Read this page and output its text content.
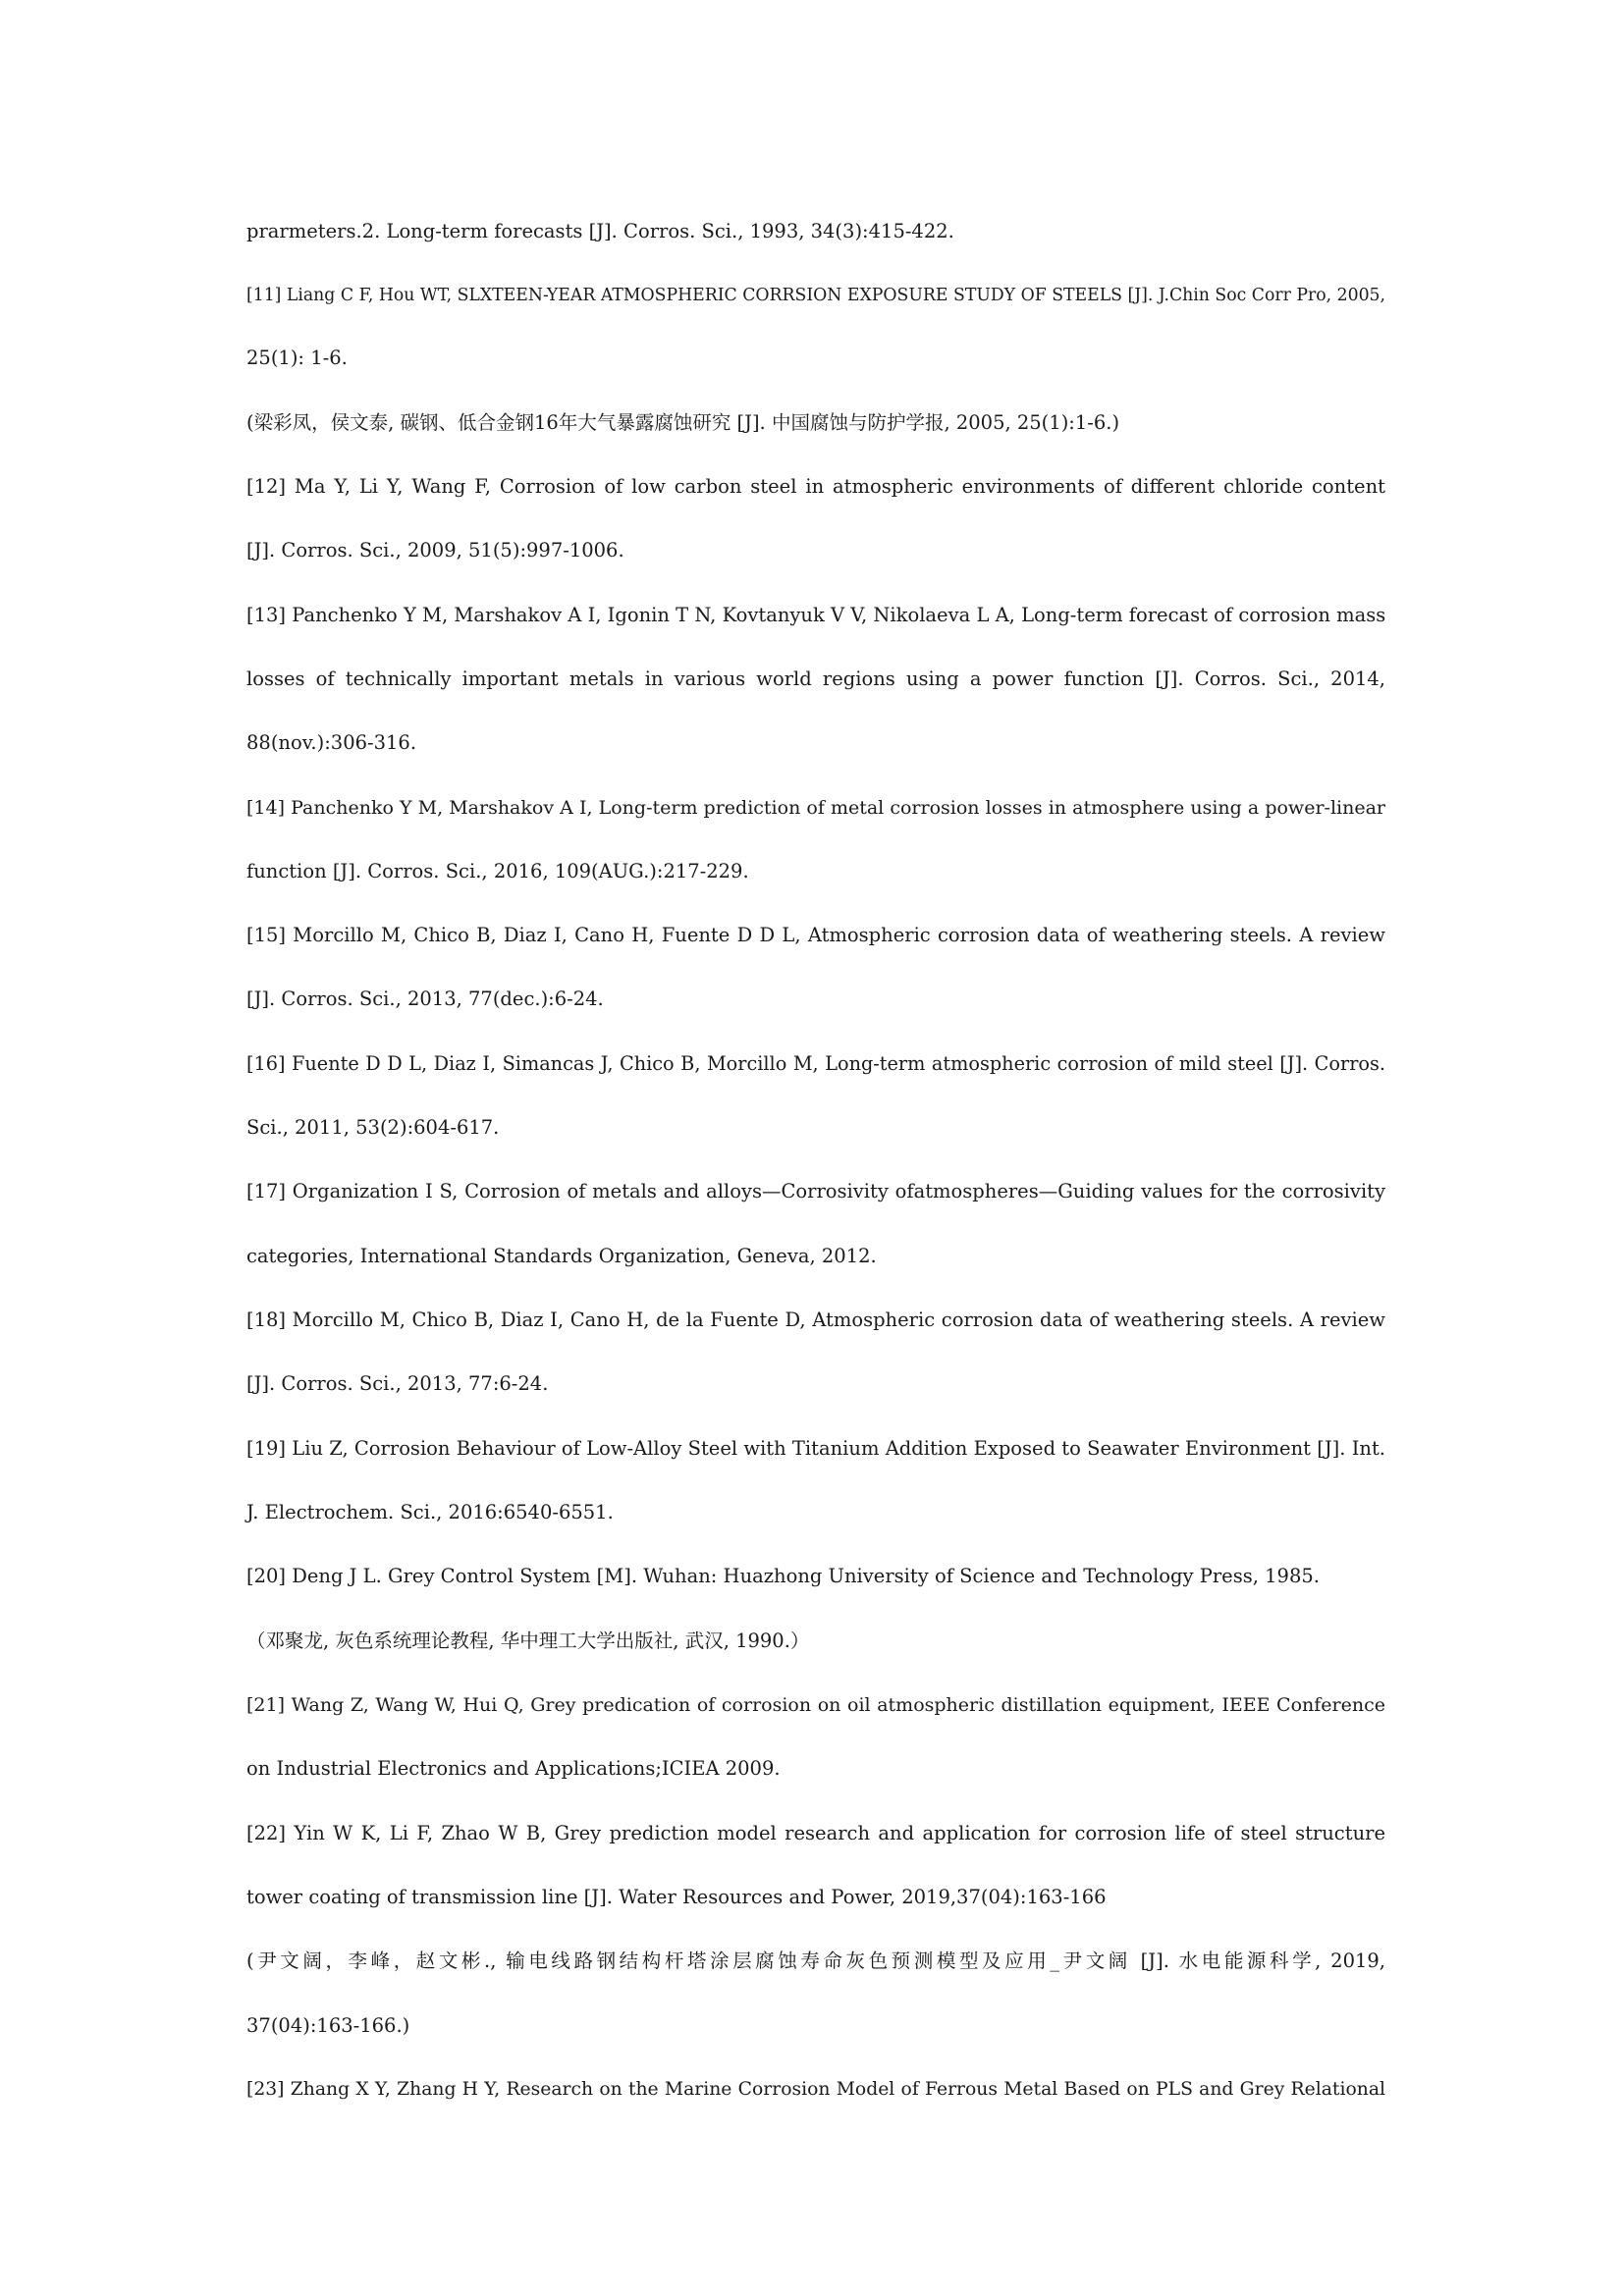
prarmeters.2. Long-term forecasts [J]. Corros. Sci., 1993, 34(3):415-422.
[11] Liang C F, Hou WT, SLXTEEN-YEAR ATMOSPHERIC CORRSION EXPOSURE STUDY OF STEELS [J]. J.Chin Soc Corr Pro, 2005,
25(1): 1-6.
(梁彩凤，侯文泰, 碳钢、低合金钢16年大气暴露腐蚀研究 [J]. 中国腐蚀与防护学报, 2005, 25(1):1-6.)
[12] Ma Y, Li Y, Wang F, Corrosion of low carbon steel in atmospheric environments of different chloride content
[J]. Corros. Sci., 2009, 51(5):997-1006.
[13] Panchenko Y M, Marshakov A I, Igonin T N, Kovtanyuk V V, Nikolaeva L A, Long-term forecast of corrosion mass
losses of technically important metals in various world regions using a power function [J]. Corros. Sci., 2014,
88(nov.):306-316.
[14] Panchenko Y M, Marshakov A I, Long-term prediction of metal corrosion losses in atmosphere using a power-linear
function [J]. Corros. Sci., 2016, 109(AUG.):217-229.
[15] Morcillo M, Chico B, Diaz I, Cano H, Fuente D D L, Atmospheric corrosion data of weathering steels. A review
[J]. Corros. Sci., 2013, 77(dec.):6-24.
[16] Fuente D D L, Diaz I, Simancas J, Chico B, Morcillo M, Long-term atmospheric corrosion of mild steel [J]. Corros.
Sci., 2011, 53(2):604-617.
[17] Organization I S, Corrosion of metals and alloys—Corrosivity ofatmospheres—Guiding values for the corrosivity
categories, International Standards Organization, Geneva, 2012.
[18] Morcillo M, Chico B, Diaz I, Cano H, de la Fuente D, Atmospheric corrosion data of weathering steels. A review
[J]. Corros. Sci., 2013, 77:6-24.
[19] Liu Z, Corrosion Behaviour of Low-Alloy Steel with Titanium Addition Exposed to Seawater Environment [J]. Int.
J. Electrochem. Sci., 2016:6540-6551.
[20] Deng J L. Grey Control System [M]. Wuhan: Huazhong University of Science and Technology Press, 1985.
（邓聚龙, 灰色系统理论教程, 华中理工大学出版社, 武汉, 1990.）
[21] Wang Z, Wang W, Hui Q, Grey predication of corrosion on oil atmospheric distillation equipment, IEEE Conference
on Industrial Electronics and Applications;ICIEA 2009.
[22] Yin W K, Li F, Zhao W B, Grey prediction model research and application for corrosion life of steel structure
tower coating of transmission line [J]. Water Resources and Power, 2019,37(04):163-166
(尹文阔，李峰，赵文彬., 输电线路钢结构杆塔涂层腐蚀寿命灰色预测模型及应用_尹文阔 [J]. 水电能源科学, 2019,
37(04):163-166.)
[23] Zhang X Y, Zhang H Y, Research on the Marine Corrosion Model of Ferrous Metal Based on PLS and Grey Relational
